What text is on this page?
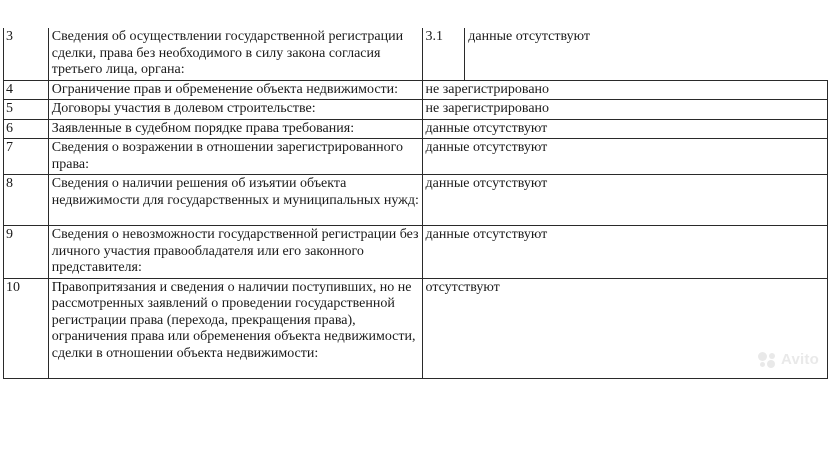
3	Сведения об осуществлении государственной регистрации сделки, права без необходимого в силу закона согласия третьего лица, органа:	3.1	данные отсутствуют
4	Ограничение прав и обременение объекта недвижимости:	не зарегистрировано	
5	Договоры участия в долевом строительстве:	не зарегистрировано	
6	Заявленные в судебном порядке права требования:	данные отсутствуют	
7	Сведения о возражении в отношении зарегистрированного права:	данные отсутствуют	
8	Сведения о наличии решения об изъятии объекта недвижимости для государственных и муниципальных нужд:	данные отсутствуют	
9	Сведения о невозможности государственной регистрации без личного участия правообладателя или его законного представителя:	данные отсутствуют	
10	Правопритязания и сведения о наличии поступивших, но не рассмотренных заявлений о проведении государственной регистрации права (перехода, прекращения права), ограничения права или обременения объекта недвижимости, сделки в отношении объекта недвижимости:	отсутствуют	
Avito
